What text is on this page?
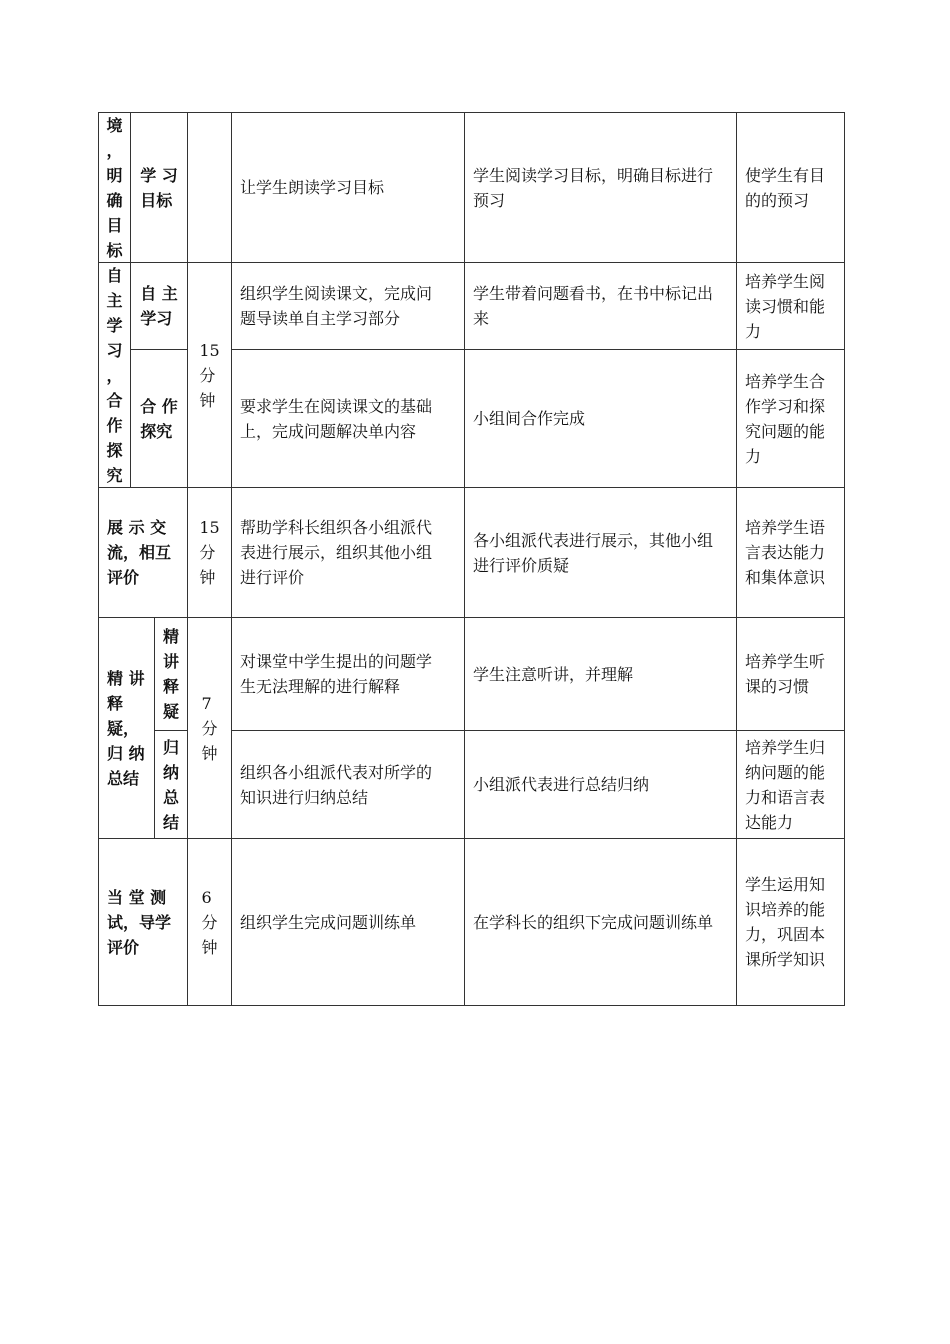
境
，
明
确
目
标
学 习
目标
让学生朗读学习目标
学生阅读学习目标，明确目标进行
预习
使学生有目
的的预习
自
主
学
习
，
合
作
探
究
自 主
学习
合 作
探究
15
分
钟
组织学生阅读课文，完成问
题导读单自主学习部分
学生带着问题看书，在书中标记出
来
培养学生阅
读习惯和能
力
要求学生在阅读课文的基础
上，完成问题解决单内容
小组间合作完成
培养学生合
作学习和探
究问题的能
力
展 示 交
流，相互
评价
15
分
钟
帮助学科长组织各小组派代
表进行展示，组织其他小组
进行评价
各小组派代表进行展示，其他小组
进行评价质疑
培养学生语
言表达能力
和集体意识
精 讲
释
疑，
归 纳
总结
精
讲
释
疑
归
纳
总
结
7
分
钟
对课堂中学生提出的问题学
生无法理解的进行解释
学生注意听讲，并理解
培养学生听
课的习惯
组织各小组派代表对所学的
知识进行归纳总结
小组派代表进行总结归纳
培养学生归
纳问题的能
力和语言表
达能力
当 堂 测
试，导学
评价
6
分
钟
组织学生完成问题训练单	在学科长的组织下完成问题训练单
学生运用知
识培养的能
力，巩固本
课所学知识
